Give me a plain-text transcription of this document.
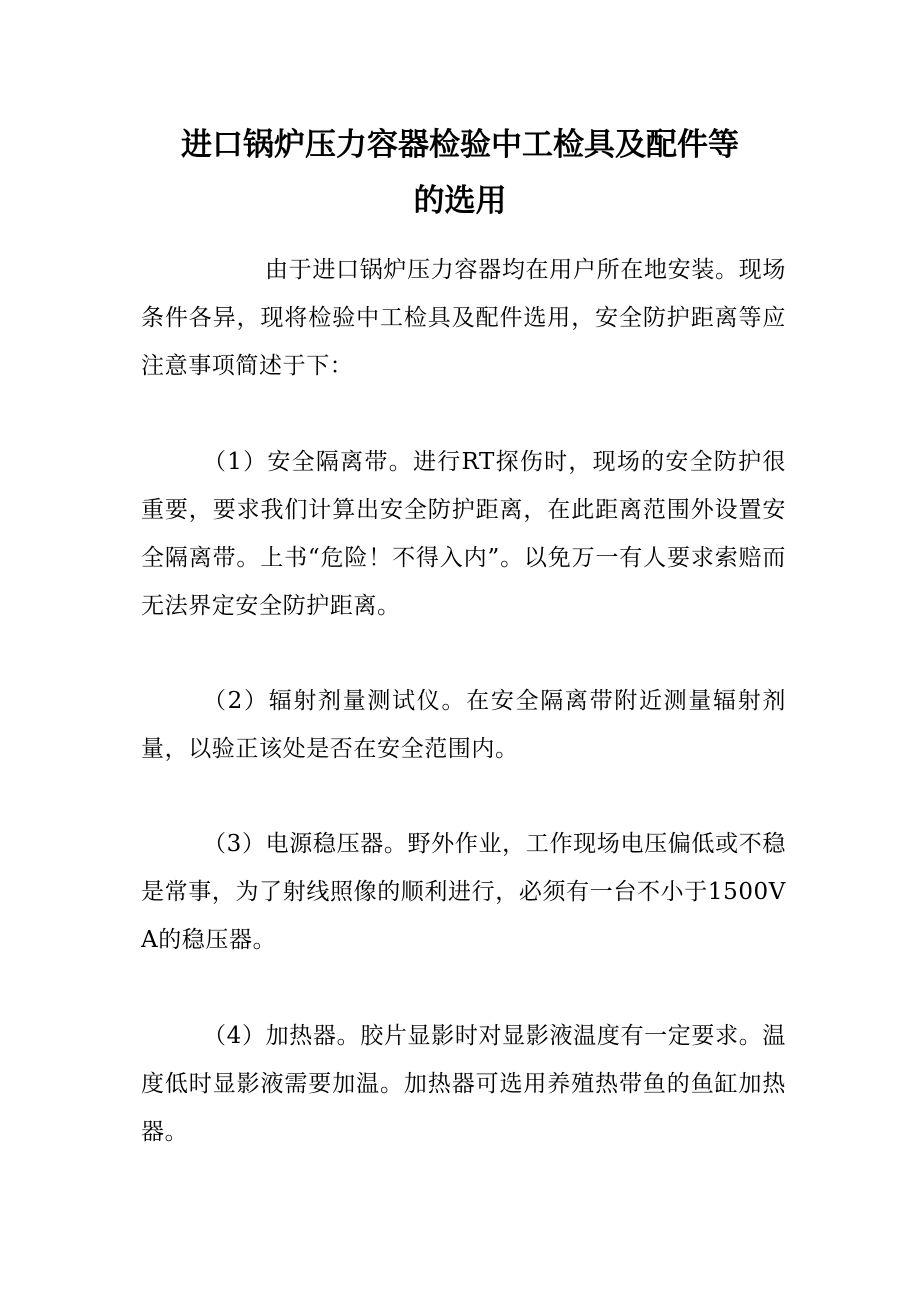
进口锅炉压力容器检验中工检具及配件等
的选用

由于进口锅炉压力容器均在用户所在地安装。现场条件各异，现将检验中工检具及配件选用，安全防护距离等应注意事项简述于下：

（1）安全隔离带。进行RT探伤时，现场的安全防护很重要，要求我们计算出安全防护距离，在此距离范围外设置安全隔离带。上书“危险！不得入内”。以免万一有人要求索赔而无法界定安全防护距离。

（2）辐射剂量测试仪。在安全隔离带附近测量辐射剂量，以验正该处是否在安全范围内。

（3）电源稳压器。野外作业，工作现场电压偏低或不稳是常事，为了射线照像的顺利进行，必须有一台不小于1500VA的稳压器。

（4）加热器。胶片显影时对显影液温度有一定要求。温度低时显影液需要加温。加热器可选用养殖热带鱼的鱼缸加热器。
